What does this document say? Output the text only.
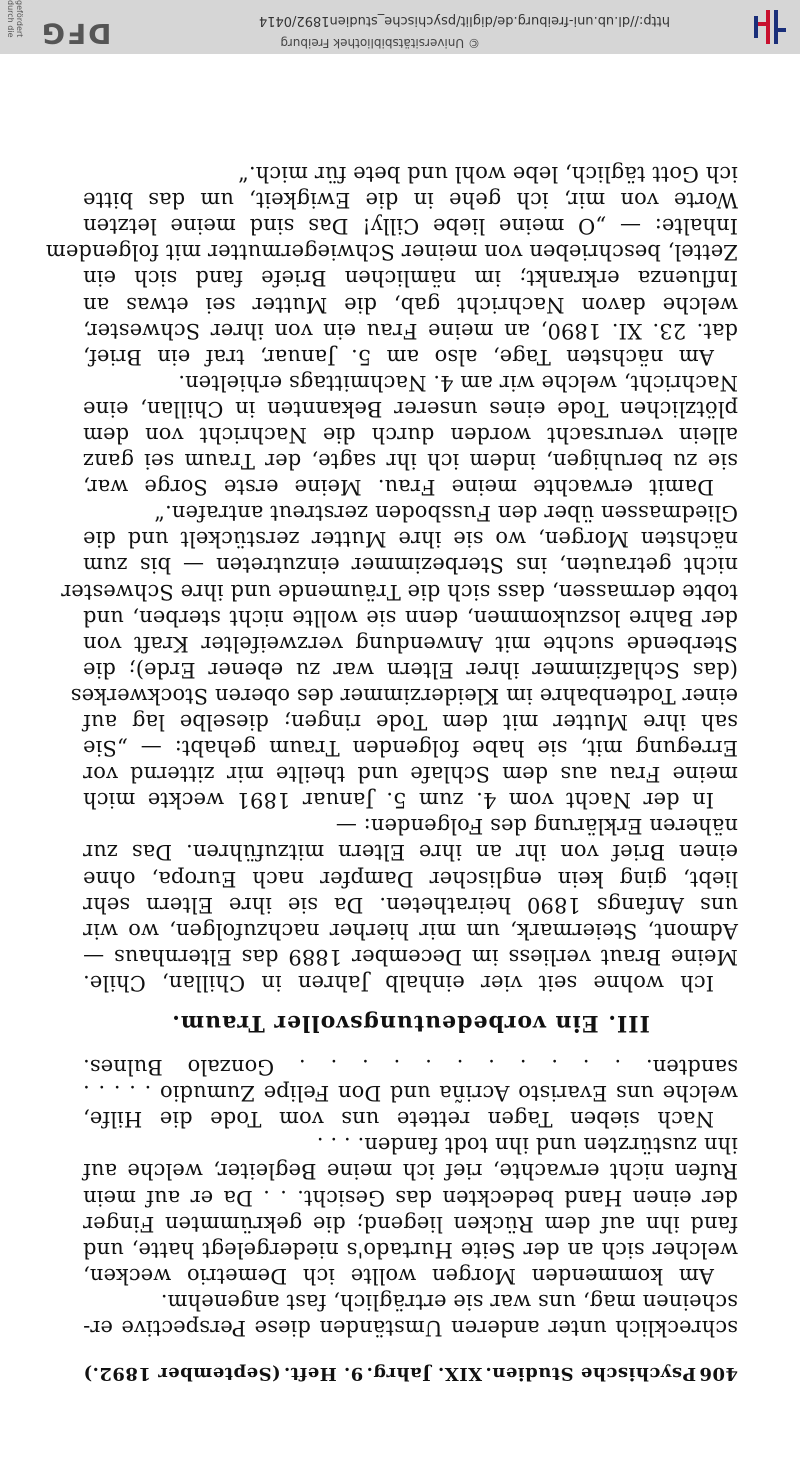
406
Psychische Studien.
XIX. Jahrg.
9. Heft.
(September 1892.)
schrecklich unter anderen Umständen diese Perspective er-
scheinen mag, uns war sie erträglich, fast angenehm.
Am kommenden Morgen wollte ich Demetrio wecken,
welcher sich an der Seite Hurtado's niedergelegt hatte, und
fand ihn auf dem Rücken liegend; die gekrümmten Finger
der einen Hand bedeckten das Gesicht. . . Da er auf mein
Rufen nicht erwachte, rief ich meine Begleiter, welche auf
ihn zustürzten und ihn todt fanden. . . .
Nach sieben Tagen rettete uns vom Tode die Hilfe,
welche uns Evaristo Acriña und Don Felipe Zumudio . . . . .
sandten. . . . . . . . . . . . Gonzalo Bulnes.
III. Ein vorbedeutungsvoller Traum.
Ich wohne seit vier einhalb Jahren in Chillan, Chile.
Meine Braut verliess im December 1889 das Elternhaus —
Admont, Steiermark, um mir hierher nachzufolgen, wo wir
uns Anfangs 1890 heiratheten. Da sie ihre Eltern sehr
liebt, ging kein englischer Dampfer nach Europa, ohne
einen Brief von ihr an ihre Eltern mitzuführen. Das zur
näheren Erklärung des Folgenden: —
In der Nacht vom 4. zum 5. Januar 1891 weckte mich
meine Frau aus dem Schlafe und theilte mir zitternd vor
Erregung mit, sie habe folgenden Traum gehabt: — „Sie
sah ihre Mutter mit dem Tode ringen; dieselbe lag auf
einer Todtenbahre im Kleiderzimmer des oberen Stockwerkes
(das Schlafzimmer ihrer Eltern war zu ebener Erde); die
Sterbende suchte mit Anwendung verzweifelter Kraft von
der Bahre loszukommen, denn sie wollte nicht sterben, und
tobte dermassen, dass sich die Träumende und ihre Schwester
nicht getrauten, ins Sterbezimmer einzutreten — bis zum
nächsten Morgen, wo sie ihre Mutter zerstückelt und die
Gliedmassen über den Fussboden zerstreut antrafen.“
Damit erwachte meine Frau. Meine erste Sorge war,
sie zu beruhigen, indem ich ihr sagte, der Traum sei ganz
allein verursacht worden durch die Nachricht von dem
plötzlichen Tode eines unserer Bekannten in Chillan, eine
Nachricht, welche wir am 4. Nachmittags erhielten.
Am nächsten Tage, also am 5. Januar, traf ein Brief,
dat. 23. XI. 1890, an meine Frau ein von ihrer Schwester,
welche davon Nachricht gab, die Mutter sei etwas an
Influenza erkrankt; im nämlichen Briefe fand sich ein
Zettel, beschrieben von meiner Schwiegermutter mit folgendem
Inhalte: — „O meine liebe Cilly! Das sind meine letzten
Worte von mir, ich gehe in die Ewigkeit, um das bitte
ich Gott täglich, lebe wohl und bete für mich.“
http://dl.ub.uni-freiburg.de/diglit/psychische_studien1892/0414
© Universitätsbibliothek Freiburg
DFG
gefördert durch die
